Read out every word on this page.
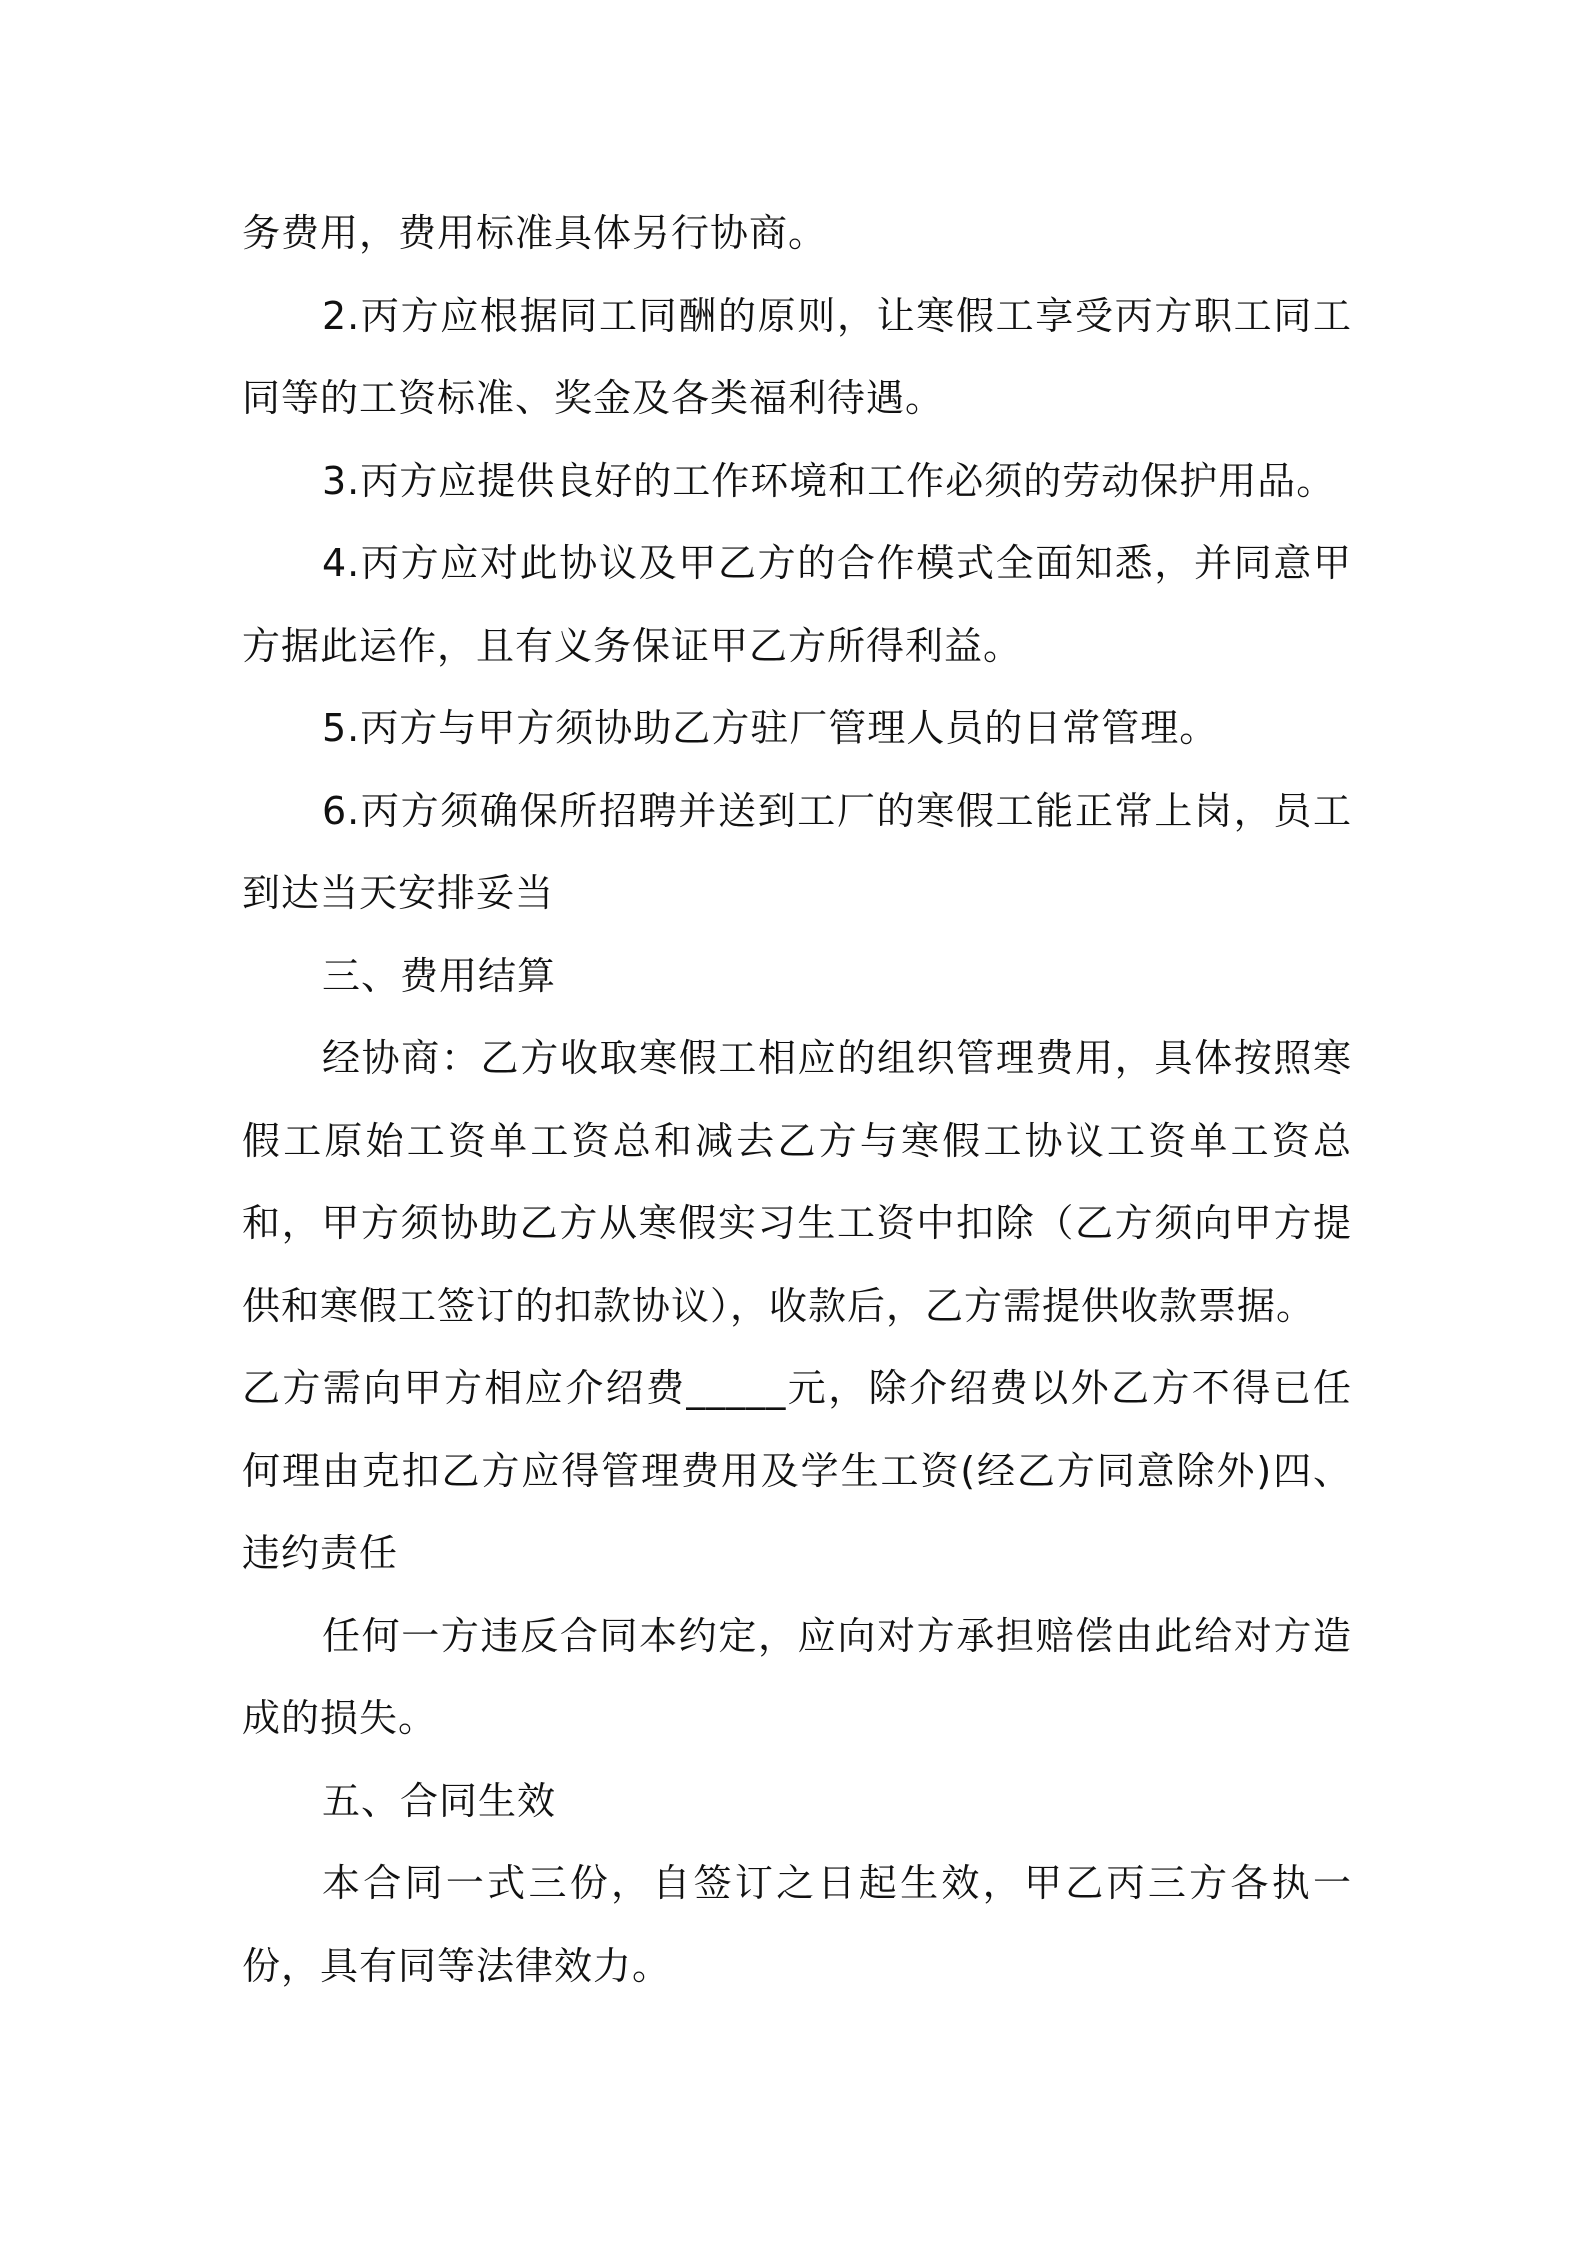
务费用，费用标准具体另行协商。

2.丙方应根据同工同酬的原则，让寒假工享受丙方职工同工同等的工资标准、奖金及各类福利待遇。

3.丙方应提供良好的工作环境和工作必须的劳动保护用品。

4.丙方应对此协议及甲乙方的合作模式全面知悉，并同意甲方据此运作，且有义务保证甲乙方所得利益。

5.丙方与甲方须协助乙方驻厂管理人员的日常管理。

6.丙方须确保所招聘并送到工厂的寒假工能正常上岗，员工到达当天安排妥当

三、费用结算

经协商：乙方收取寒假工相应的组织管理费用，具体按照寒假工原始工资单工资总和减去乙方与寒假工协议工资单工资总和，甲方须协助乙方从寒假实习生工资中扣除（乙方须向甲方提供和寒假工签订的扣款协议），收款后，乙方需提供收款票据。

乙方需向甲方相应介绍费_____元，除介绍费以外乙方不得已任何理由克扣乙方应得管理费用及学生工资(经乙方同意除外)四、违约责任

任何一方违反合同本约定，应向对方承担赔偿由此给对方造成的损失。

五、合同生效

本合同一式三份，自签订之日起生效，甲乙丙三方各执一份，具有同等法律效力。
